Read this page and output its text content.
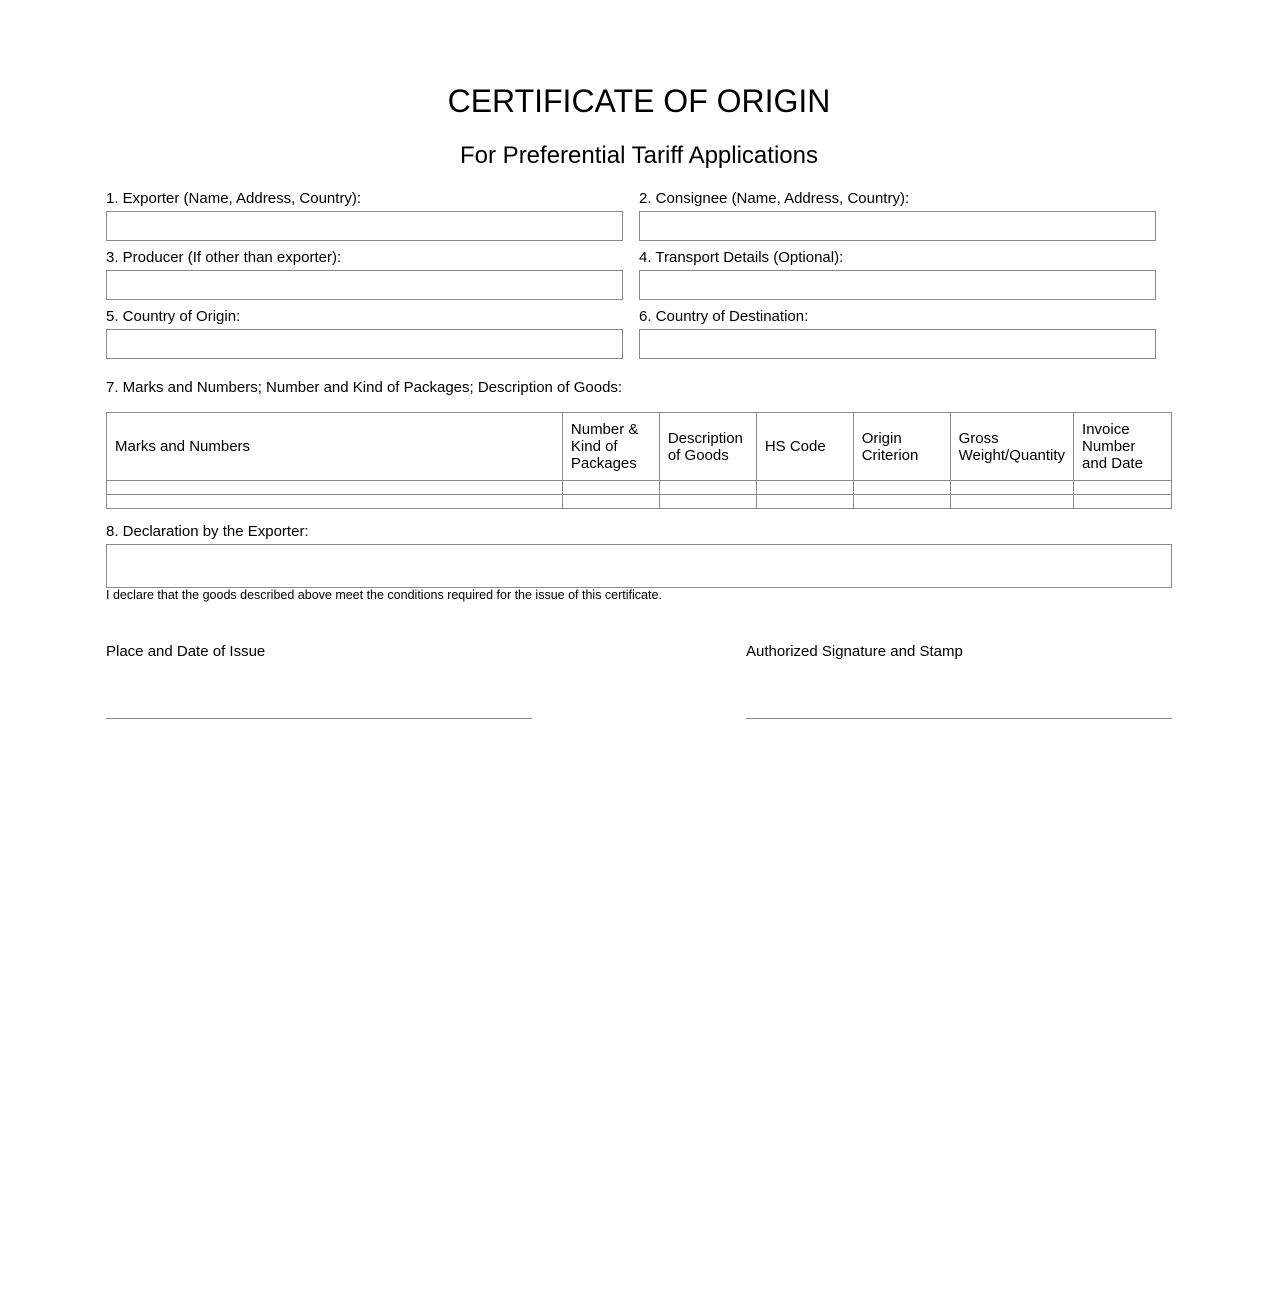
CERTIFICATE OF ORIGIN
For Preferential Tariff Applications
1. Exporter (Name, Address, Country):	2. Consignee (Name, Address, Country):
3. Producer (If other than exporter):	4. Transport Details (Optional):
5. Country of Origin:	6. Country of Destination:
7. Marks and Numbers; Number and Kind of Packages; Description of Goods:
Marks and Numbers	Number & Kind of Packages	Description of Goods	HS Code	Origin Criterion	Gross Weight/Quantity	Invoice Number and Date

8. Declaration by the Exporter:
I declare that the goods described above meet the conditions required for the issue of this certificate.
Place and Date of Issue	Authorized Signature and Stamp
